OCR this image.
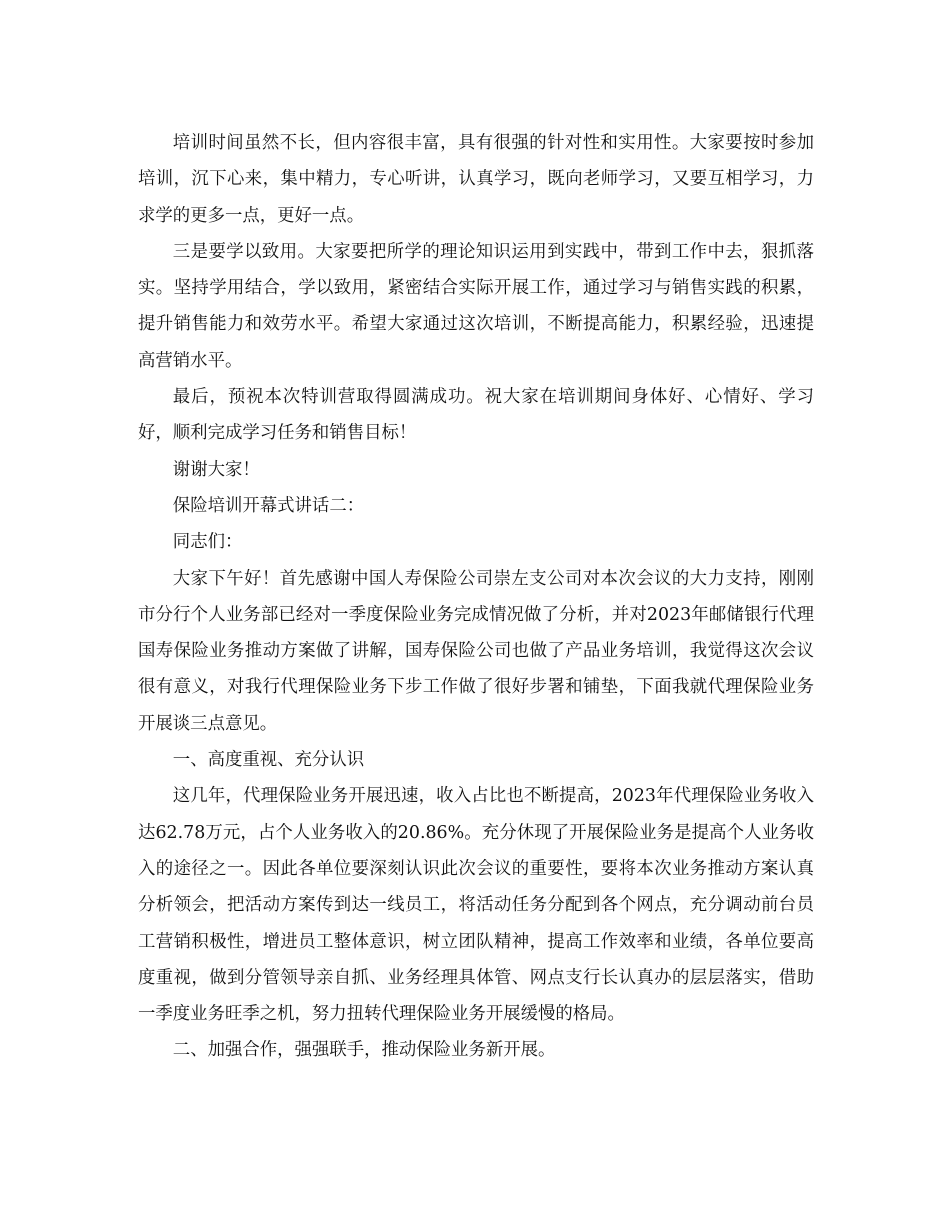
培训时间虽然不长，但内容很丰富，具有很强的针对性和实用性。大家要按时参加培训，沉下心来，集中精力，专心听讲，认真学习，既向老师学习，又要互相学习，力求学的更多一点，更好一点。

三是要学以致用。大家要把所学的理论知识运用到实践中，带到工作中去，狠抓落实。坚持学用结合，学以致用，紧密结合实际开展工作，通过学习与销售实践的积累，提升销售能力和效劳水平。希望大家通过这次培训，不断提高能力，积累经验，迅速提高营销水平。

最后，预祝本次特训营取得圆满成功。祝大家在培训期间身体好、心情好、学习好，顺利完成学习任务和销售目标！

谢谢大家！

保险培训开幕式讲话二：

同志们：

大家下午好！首先感谢中国人寿保险公司崇左支公司对本次会议的大力支持，刚刚市分行个人业务部已经对一季度保险业务完成情况做了分析，并对2023年邮储银行代理国寿保险业务推动方案做了讲解，国寿保险公司也做了产品业务培训，我觉得这次会议很有意义，对我行代理保险业务下步工作做了很好步署和铺垫，下面我就代理保险业务开展谈三点意见。

一、高度重视、充分认识

这几年，代理保险业务开展迅速，收入占比也不断提高，2023年代理保险业务收入达62.78万元，占个人业务收入的20.86%。充分休现了开展保险业务是提高个人业务收入的途径之一。因此各单位要深刻认识此次会议的重要性，要将本次业务推动方案认真分析领会，把活动方案传到达一线员工，将活动任务分配到各个网点，充分调动前台员工营销积极性，增进员工整体意识，树立团队精神，提高工作效率和业绩，各单位要高度重视，做到分管领导亲自抓、业务经理具体管、网点支行长认真办的层层落实，借助一季度业务旺季之机，努力扭转代理保险业务开展缓慢的格局。

二、加强合作，强强联手，推动保险业务新开展。
